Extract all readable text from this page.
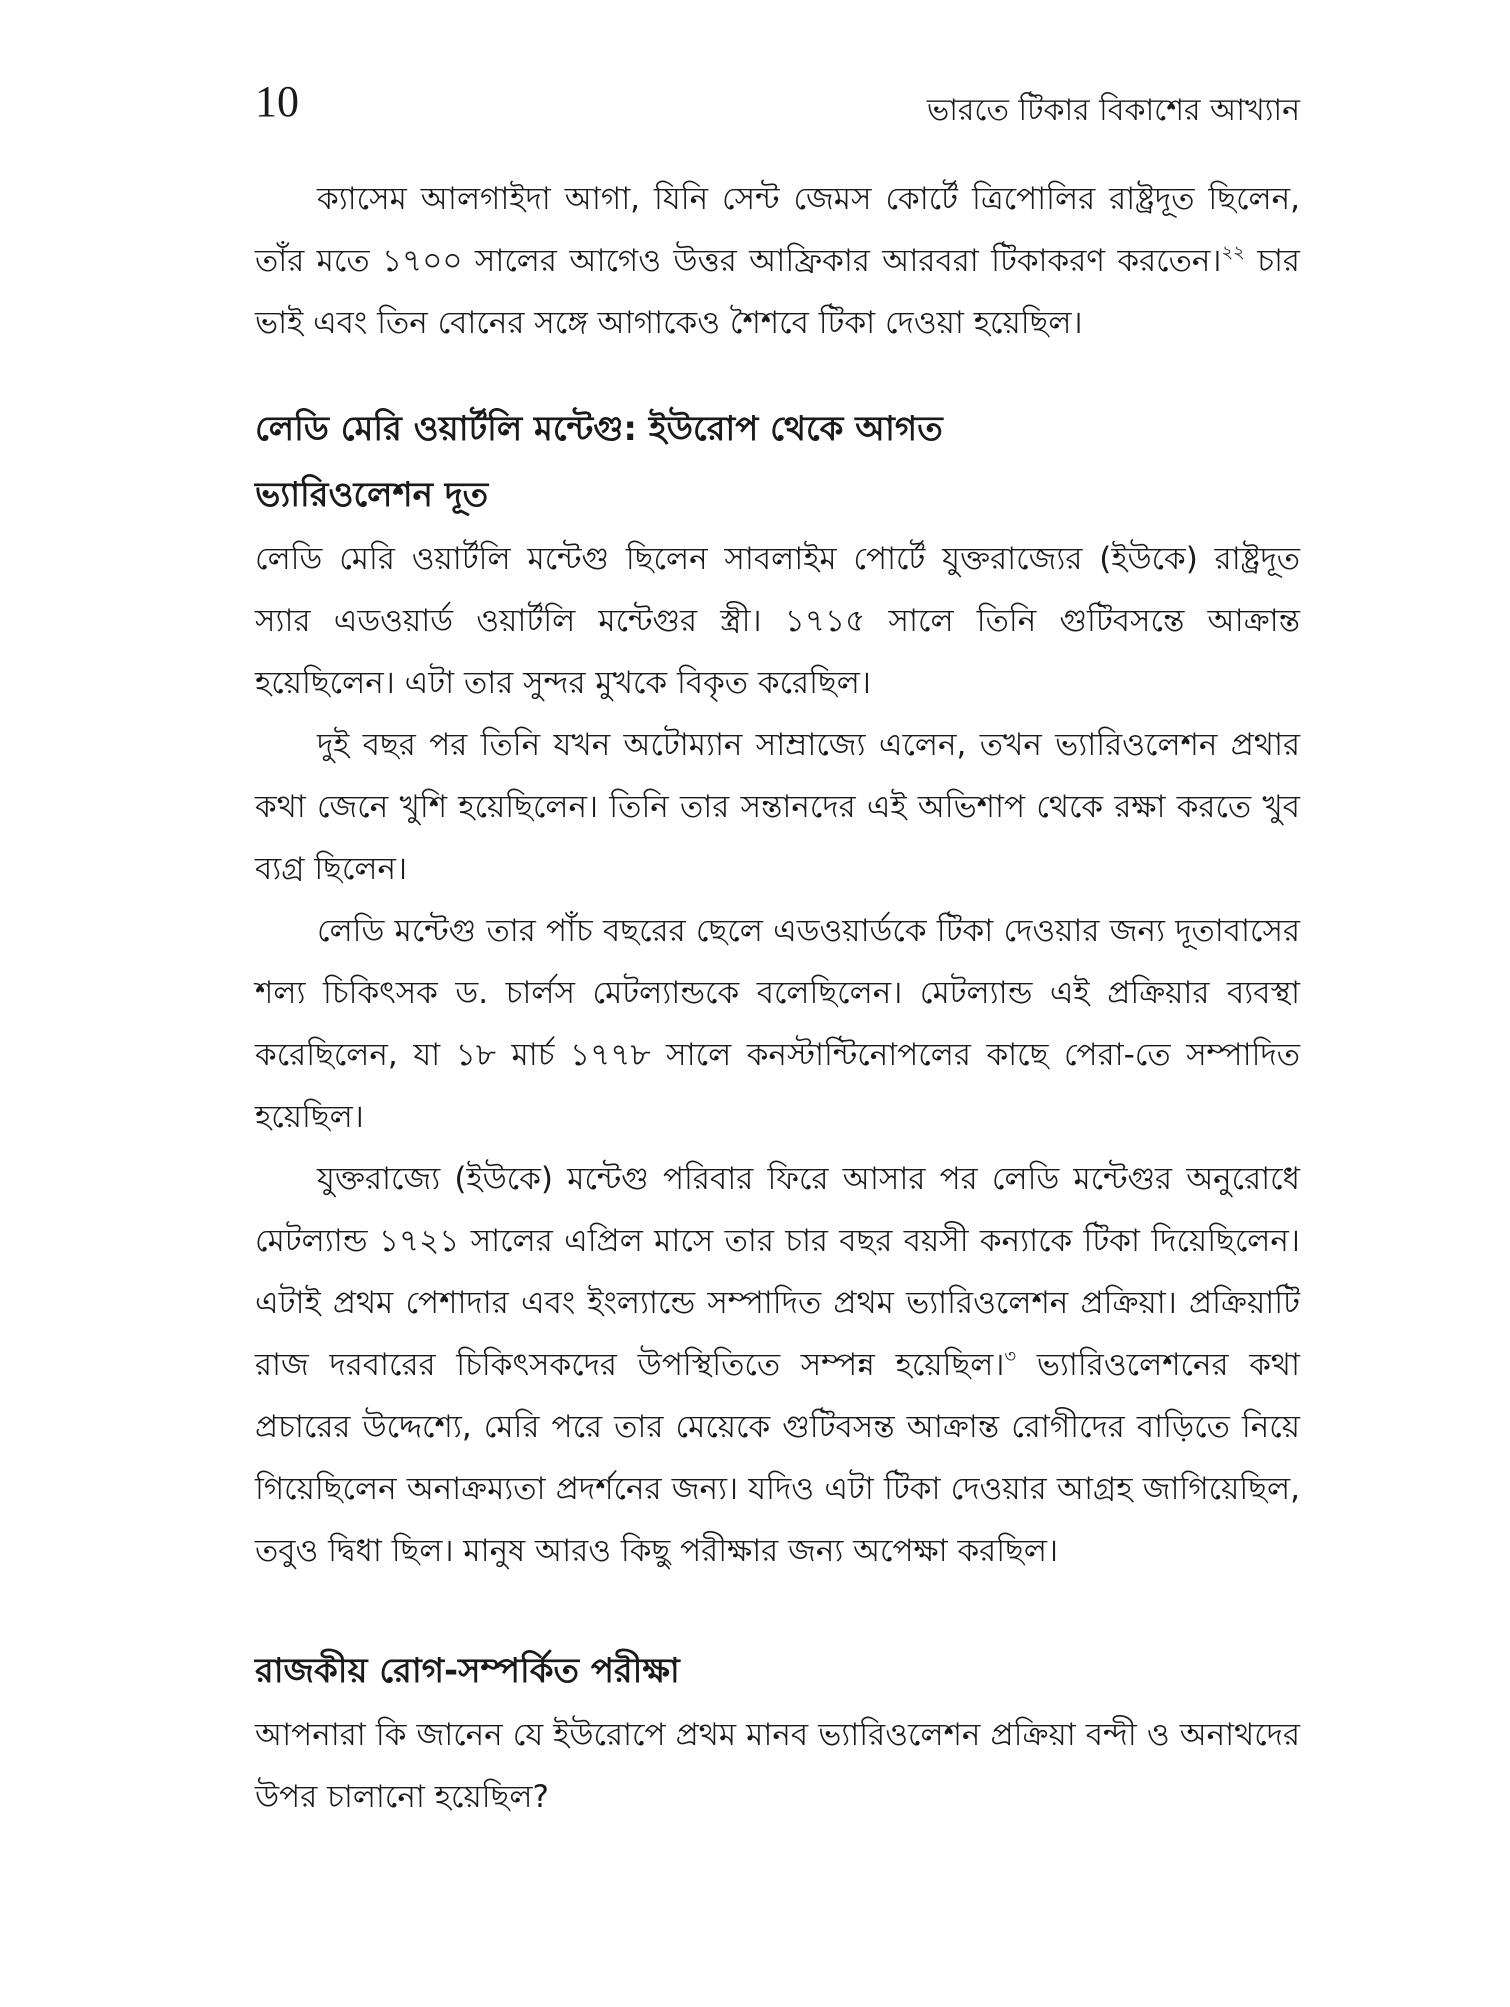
10	ভারতে টিকার বিকাশের আখ্যান

ক্যাসেম আলগাইদা আগা, যিনি সেন্ট জেমস কোর্টে ত্রিপোলির রাষ্ট্রদূত ছিলেন, তাঁর মতে ১৭০০ সালের আগেও উত্তর আফ্রিকার আরবরা টিকাকরণ করতেন।$^{২২}$ চার ভাই এবং তিন বোনের সঙ্গে আগাকেও শৈশবে টিকা দেওয়া হয়েছিল।

লেডি মেরি ওয়ার্টলি মন্টেগু: ইউরোপ থেকে আগত ভ্যারিওলেশন দূত

লেডি মেরি ওয়ার্টলি মন্টেগু ছিলেন সাবলাইম পোর্টে যুক্তরাজ্যের (ইউকে) রাষ্ট্রদূত স্যার এডওয়ার্ড ওয়ার্টলি মন্টেগুর স্ত্রী। ১৭১৫ সালে তিনি গুটিবসন্তে আক্রান্ত হয়েছিলেন। এটা তার সুন্দর মুখকে বিকৃত করেছিল।

দুই বছর পর তিনি যখন অটোম্যান সাম্রাজ্যে এলেন, তখন ভ্যারিওলেশন প্রথার কথা জেনে খুশি হয়েছিলেন। তিনি তার সন্তানদের এই অভিশাপ থেকে রক্ষা করতে খুব ব্যগ্র ছিলেন।

লেডি মন্টেগু তার পাঁচ বছরের ছেলে এডওয়ার্ডকে টিকা দেওয়ার জন্য দূতাবাসের শল্য চিকিৎসক ড. চার্লস মেটল্যান্ডকে বলেছিলেন। মেটল্যান্ড এই প্রক্রিয়ার ব্যবস্থা করেছিলেন, যা ১৮ মার্চ ১৭৭৮ সালে কনস্টান্টিনোপলের কাছে পেরা-তে সম্পাদিত হয়েছিল।

যুক্তরাজ্যে (ইউকে) মন্টেগু পরিবার ফিরে আসার পর লেডি মন্টেগুর অনুরোধে মেটল্যান্ড ১৭২১ সালের এপ্রিল মাসে তার চার বছর বয়সী কন্যাকে টিকা দিয়েছিলেন। এটাই প্রথম পেশাদার এবং ইংল্যান্ডে সম্পাদিত প্রথম ভ্যারিওলেশন প্রক্রিয়া। প্রক্রিয়াটি রাজ দরবারের চিকিৎসকদের উপস্থিতিতে সম্পন্ন হয়েছিল।$^৩$ ভ্যারিওলেশনের কথা প্রচারের উদ্দেশ্যে, মেরি পরে তার মেয়েকে গুটিবসন্ত আক্রান্ত রোগীদের বাড়িতে নিয়ে গিয়েছিলেন অনাক্রম্যতা প্রদর্শনের জন্য। যদিও এটা টিকা দেওয়ার আগ্রহ জাগিয়েছিল, তবুও দ্বিধা ছিল। মানুষ আরও কিছু পরীক্ষার জন্য অপেক্ষা করছিল।

রাজকীয় রোগ-সম্পর্কিত পরীক্ষা

আপনারা কি জানেন যে ইউরোপে প্রথম মানব ভ্যারিওলেশন প্রক্রিয়া বন্দী ও অনাথদের উপর চালানো হয়েছিল?
